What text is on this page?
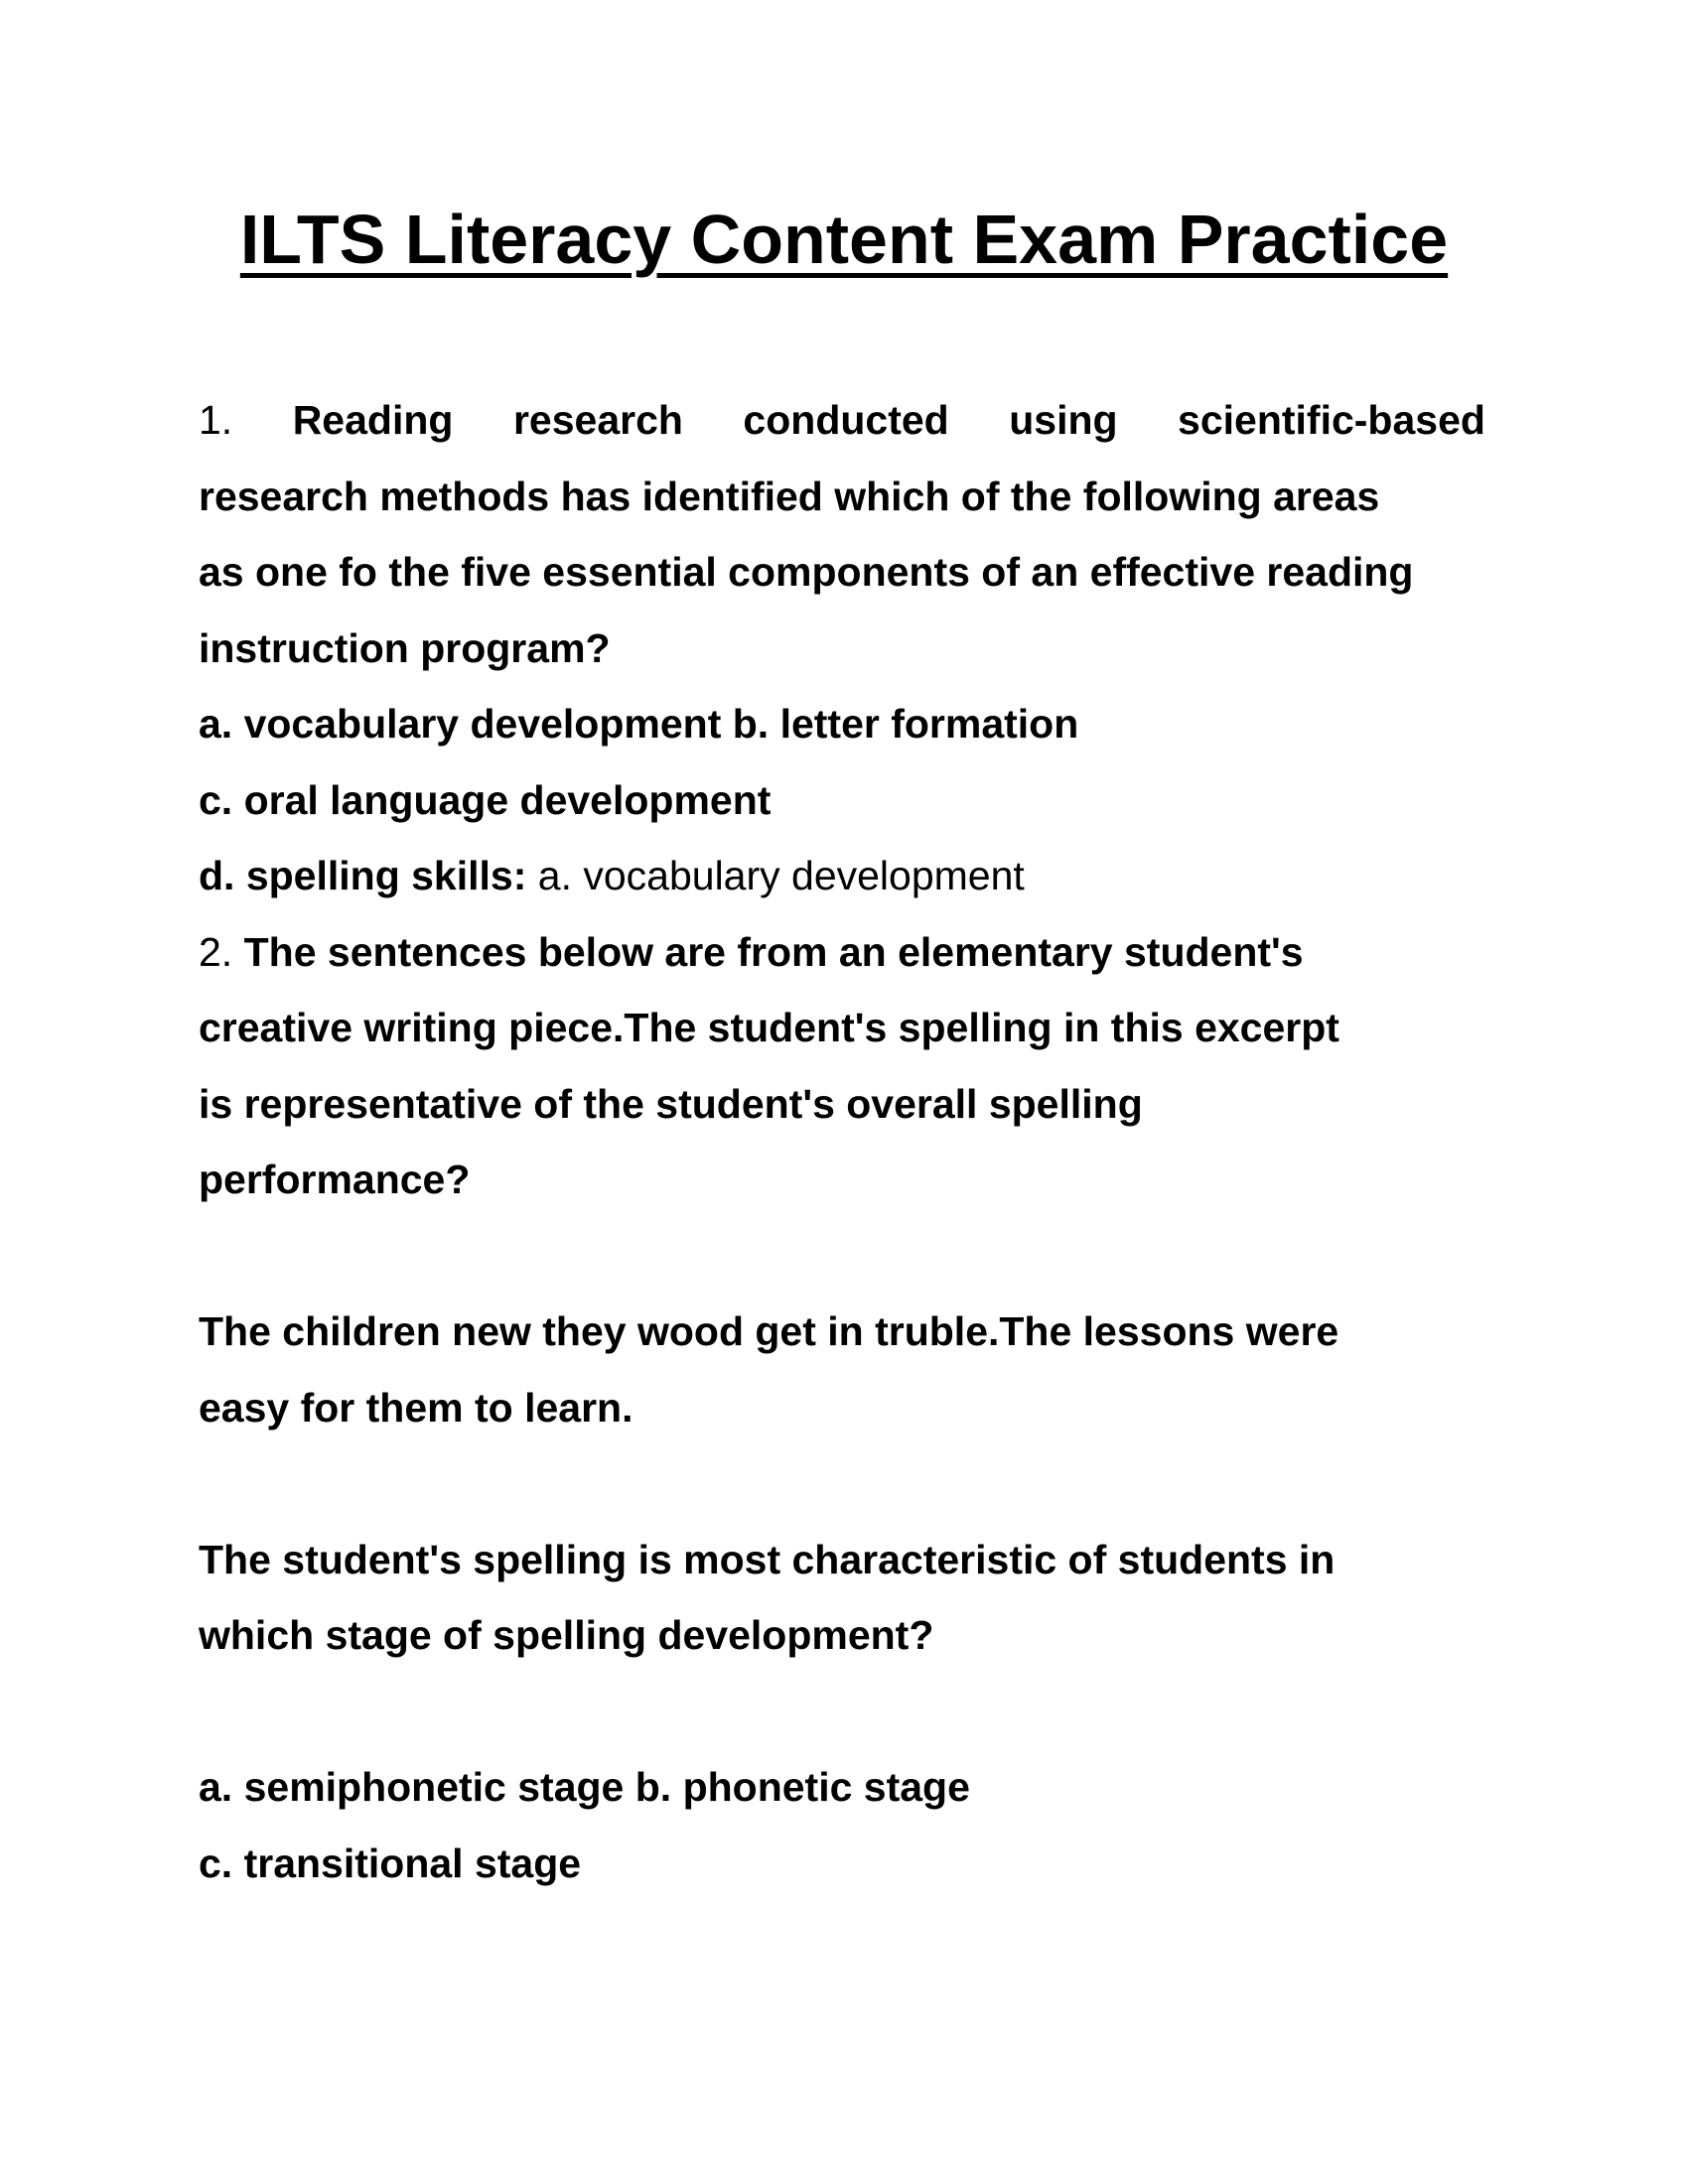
ILTS Literacy Content Exam Practice
1. Reading research conducted using scientific-based
research methods has identified which of the following areas
as one fo the five essential components of an effective reading
instruction program?
a. vocabulary development b. letter formation
c. oral language development
d. spelling skills: a. vocabulary development
2. The sentences below are from an elementary student's
creative writing piece.The student's spelling in this excerpt
is representative of the student's overall spelling
performance?
The children new they wood get in truble.The lessons were
easy for them to learn.
The student's spelling is most characteristic of students in
which stage of spelling development?
a. semiphonetic stage b. phonetic stage
c. transitional stage
